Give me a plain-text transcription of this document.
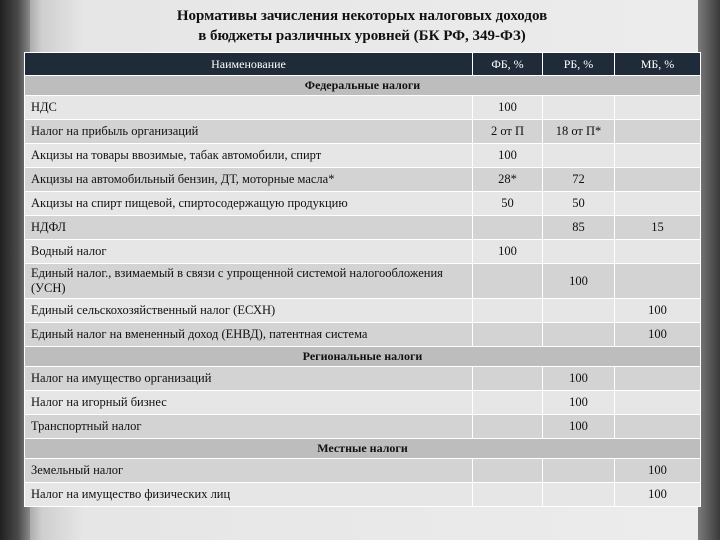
Нормативы зачисления некоторых налоговых доходов
в бюджеты различных уровней (БК РФ, 349-ФЗ)
Наименование	ФБ, %	РБ, %	МБ, %
Федеральные налоги			
НДС	100		
Налог на прибыль организаций	2 от П	18 от П*	
Акцизы на товары ввозимые, табак автомобили, спирт	100		
Акцизы на автомобильный бензин, ДТ, моторные масла*	28*	72	
Акцизы на спирт пищевой, спиртосодержащую продукцию	50	50	
НДФЛ		85	15
Водный налог	100		
Единый налог., взимаемый в связи с упрощенной системой налогообложения (УСН)		100	
Единый сельскохозяйственный налог (ЕСХН)			100
Единый налог на вмененный доход (ЕНВД), патентная система			100
Региональные налоги			
Налог на имущество организаций		100	
Налог на игорный бизнес		100	
Транспортный налог		100	
Местные налоги			
Земельный налог			100
Налог на имущество физических лиц			100
